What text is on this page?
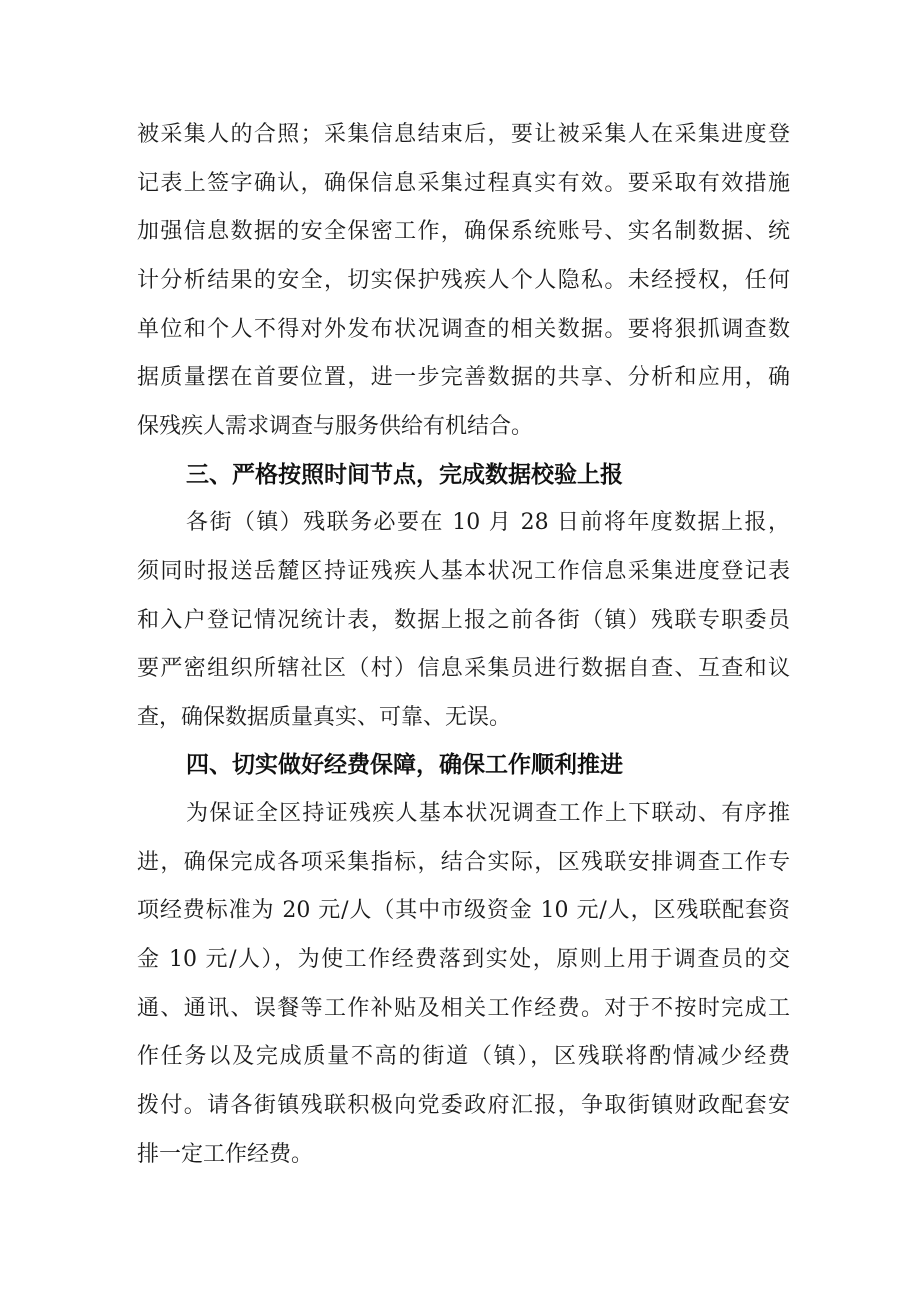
被采集人的合照；采集信息结束后，要让被采集人在采集进度登
记表上签字确认，确保信息采集过程真实有效。要采取有效措施
加强信息数据的安全保密工作，确保系统账号、实名制数据、统
计分析结果的安全，切实保护残疾人个人隐私。未经授权，任何
单位和个人不得对外发布状况调查的相关数据。要将狠抓调查数
据质量摆在首要位置，进一步完善数据的共享、分析和应用，确
保残疾人需求调查与服务供给有机结合。
三、严格按照时间节点，完成数据校验上报
各街（镇）残联务必要在 10 月 28 日前将年度数据上报，
须同时报送岳麓区持证残疾人基本状况工作信息采集进度登记表
和入户登记情况统计表，数据上报之前各街（镇）残联专职委员
要严密组织所辖社区（村）信息采集员进行数据自查、互查和议
查，确保数据质量真实、可靠、无误。
四、切实做好经费保障，确保工作顺利推进
为保证全区持证残疾人基本状况调查工作上下联动、有序推
进，确保完成各项采集指标，结合实际，区残联安排调查工作专
项经费标准为 20 元/人（其中市级资金 10 元/人，区残联配套资
金 10 元/人），为使工作经费落到实处，原则上用于调查员的交
通、通讯、误餐等工作补贴及相关工作经费。对于不按时完成工
作任务以及完成质量不高的街道（镇），区残联将酌情减少经费
拨付。请各街镇残联积极向党委政府汇报，争取街镇财政配套安
排一定工作经费。
